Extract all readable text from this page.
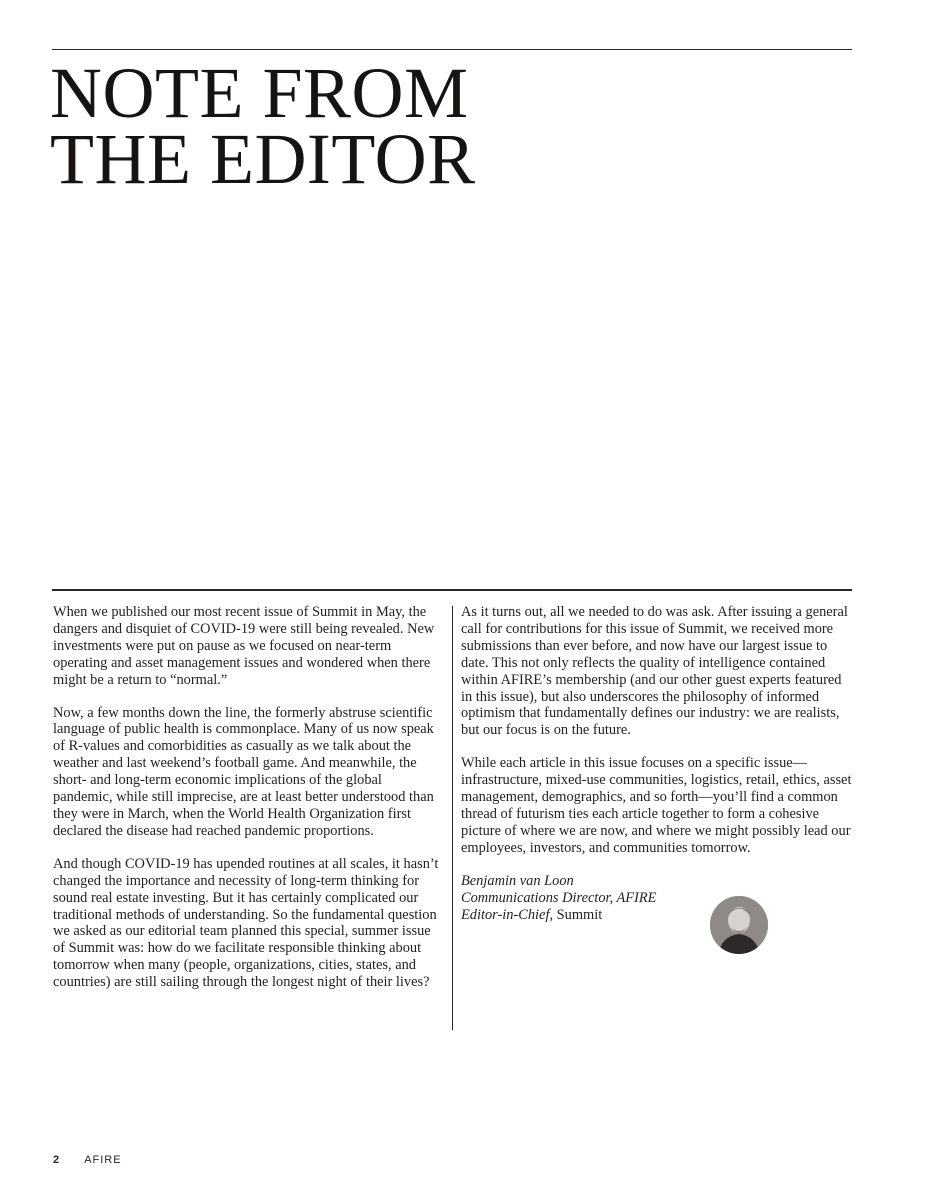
NOTE FROM
THE EDITOR

When we published our most recent issue of Summit in May, the dangers and disquiet of COVID-19 were still being revealed. New investments were put on pause as we focused on near-term operating and asset management issues and wondered when there might be a return to “normal.”

Now, a few months down the line, the formerly abstruse scientific language of public health is commonplace. Many of us now speak of R-values and comorbidities as casually as we talk about the weather and last weekend’s football game. And meanwhile, the short- and long-term economic implications of the global pandemic, while still imprecise, are at least better understood than they were in March, when the World Health Organization first declared the disease had reached pandemic proportions.

And though COVID-19 has upended routines at all scales, it hasn’t changed the importance and necessity of long-term thinking for sound real estate investing. But it has certainly complicated our traditional methods of understanding. So the fundamental question we asked as our editorial team planned this special, summer issue of Summit was: how do we facilitate responsible thinking about tomorrow when many (people, organizations, cities, states, and countries) are still sailing through the longest night of their lives?

As it turns out, all we needed to do was ask. After issuing a general call for contributions for this issue of Summit, we received more submissions than ever before, and now have our largest issue to date. This not only reflects the quality of intelligence contained within AFIRE’s membership (and our other guest experts featured in this issue), but also underscores the philosophy of informed optimism that fundamentally defines our industry: we are realists, but our focus is on the future.

While each article in this issue focuses on a specific issue—infrastructure, mixed-use communities, logistics, retail, ethics, asset management, demographics, and so forth—you’ll find a common thread of futurism ties each article together to form a cohesive picture of where we are now, and where we might possibly lead our employees, investors, and communities tomorrow.

Benjamin van Loon
Communications Director, AFIRE
Editor-in-Chief, Summit
2 AFIRE
